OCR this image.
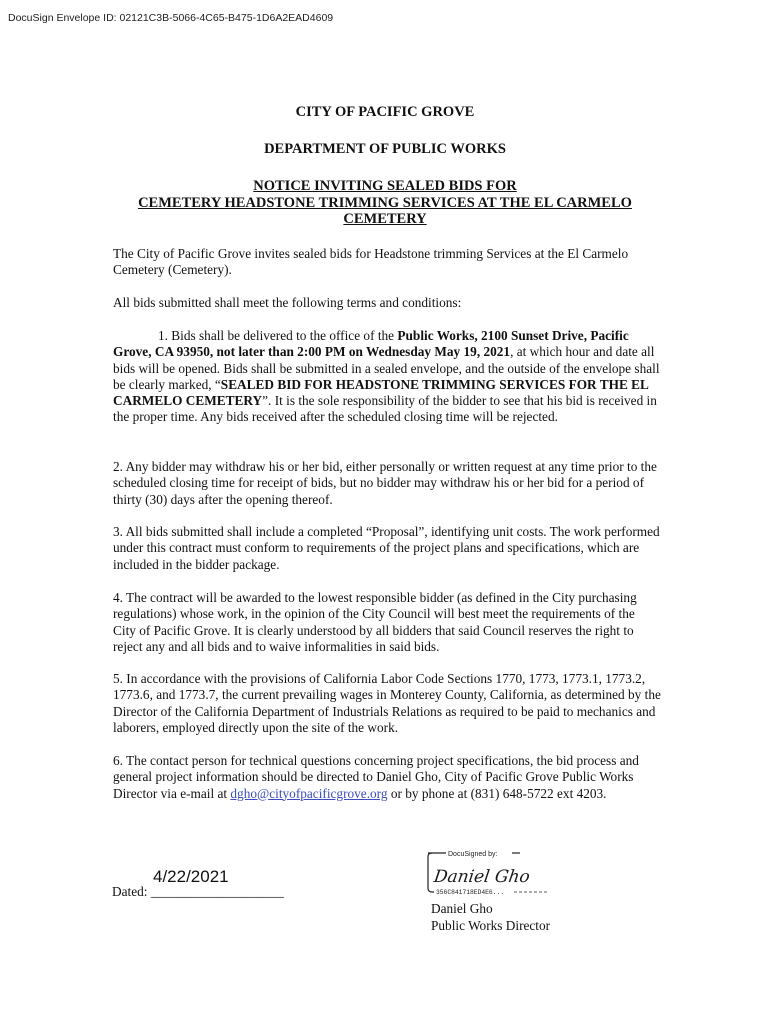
DocuSign Envelope ID: 02121C3B-5066-4C65-B475-1D6A2EAD4609
CITY OF PACIFIC GROVE
DEPARTMENT OF PUBLIC WORKS
NOTICE INVITING SEALED BIDS FOR
CEMETERY HEADSTONE TRIMMING SERVICES AT THE EL CARMELO
CEMETERY

The City of Pacific Grove invites sealed bids for Headstone trimming Services at the El Carmelo Cemetery (Cemetery).

All bids submitted shall meet the following terms and conditions:

1. Bids shall be delivered to the office of the Public Works, 2100 Sunset Drive, Pacific Grove, CA 93950, not later than 2:00 PM on Wednesday May 19, 2021, at which hour and date all bids will be opened. Bids shall be submitted in a sealed envelope, and the outside of the envelope shall be clearly marked, “SEALED BID FOR HEADSTONE TRIMMING SERVICES FOR THE EL CARMELO CEMETERY”. It is the sole responsibility of the bidder to see that his bid is received in the proper time. Any bids received after the scheduled closing time will be rejected.

2. Any bidder may withdraw his or her bid, either personally or written request at any time prior to the scheduled closing time for receipt of bids, but no bidder may withdraw his or her bid for a period of thirty (30) days after the opening thereof.

3. All bids submitted shall include a completed “Proposal”, identifying unit costs. The work performed under this contract must conform to requirements of the project plans and specifications, which are included in the bidder package.

4. The contract will be awarded to the lowest responsible bidder (as defined in the City purchasing regulations) whose work, in the opinion of the City Council will best meet the requirements of the City of Pacific Grove. It is clearly understood by all bidders that said Council reserves the right to reject any and all bids and to waive informalities in said bids.

5. In accordance with the provisions of California Labor Code Sections 1770, 1773, 1773.1, 1773.2, 1773.6, and 1773.7, the current prevailing wages in Monterey County, California, as determined by the Director of the California Department of Industrials Relations as required to be paid to mechanics and laborers, employed directly upon the site of the work.

6. The contact person for technical questions concerning project specifications, the bid process and general project information should be directed to Daniel Gho, City of Pacific Grove Public Works Director via e-mail at dgho@cityofpacificgrove.org or by phone at (831) 648-5722 ext 4203.

4/22/2021
Dated: ____________________
DocuSigned by:
Daniel Gho
356C841718ED4E6...
Daniel Gho
Public Works Director
